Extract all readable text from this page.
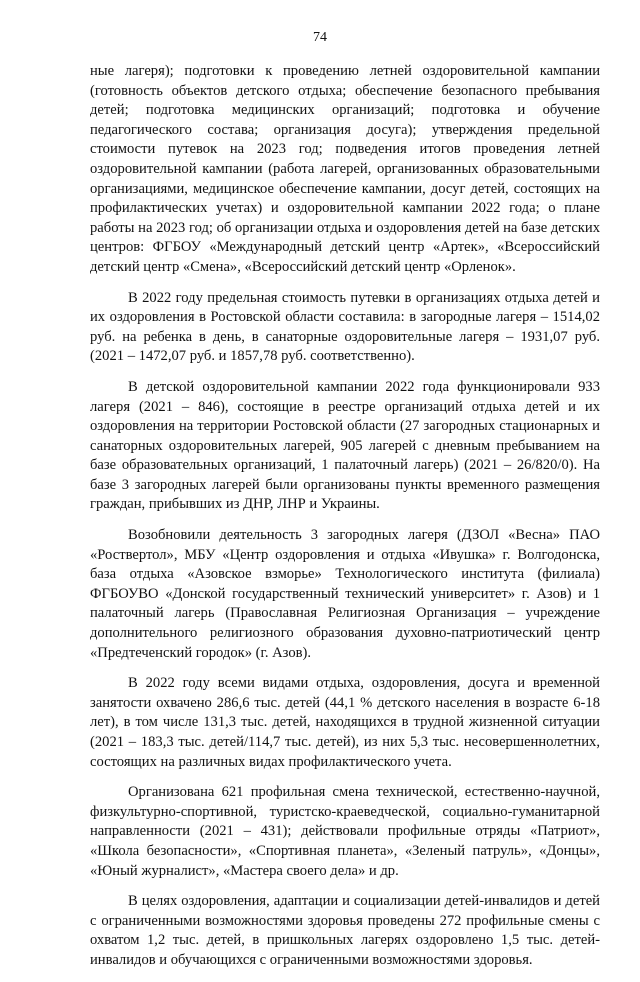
74

ные лагеря); подготовки к проведению летней оздоровительной кампании (готовность объектов детского отдыха; обеспечение безопасного пребывания детей; подготовка медицинских организаций; подготовка и обучение педагогического состава; организация досуга); утверждения предельной стоимости путевок на 2023 год; подведения итогов проведения летней оздоровительной кампании (работа лагерей, организованных образовательными организациями, медицинское обеспечение кампании, досуг детей, состоящих на профилактических учетах) и оздоровительной кампании 2022 года; о плане работы на 2023 год; об организации отдыха и оздоровления детей на базе детских центров: ФГБОУ «Международный детский центр «Артек», «Всероссийский детский центр «Смена», «Всероссийский детский центр «Орленок».

В 2022 году предельная стоимость путевки в организациях отдыха детей и их оздоровления в Ростовской области составила: в загородные лагеря – 1514,02 руб. на ребенка в день, в санаторные оздоровительные лагеря – 1931,07 руб. (2021 – 1472,07 руб. и 1857,78 руб. соответственно).

В детской оздоровительной кампании 2022 года функционировали 933 лагеря (2021 – 846), состоящие в реестре организаций отдыха детей и их оздоровления на территории Ростовской области (27 загородных стационарных и санаторных оздоровительных лагерей, 905 лагерей с дневным пребыванием на базе образовательных организаций, 1 палаточный лагерь) (2021 – 26/820/0). На базе 3 загородных лагерей были организованы пункты временного размещения граждан, прибывших из ДНР, ЛНР и Украины.

Возобновили деятельность 3 загородных лагеря (ДЗОЛ «Весна» ПАО «Роствертол», МБУ «Центр оздоровления и отдыха «Ивушка» г. Волгодонска, база отдыха «Азовское взморье» Технологического института (филиала) ФГБОУВО «Донской государственный технический университет» г. Азов) и 1 палаточный лагерь (Православная Религиозная Организация – учреждение дополнительного религиозного образования духовно-патриотический центр «Предтеченский городок» (г. Азов).

В 2022 году всеми видами отдыха, оздоровления, досуга и временной занятости охвачено 286,6 тыс. детей (44,1 % детского населения в возрасте 6-18 лет), в том числе 131,3 тыс. детей, находящихся в трудной жизненной ситуации (2021 – 183,3 тыс. детей/114,7 тыс. детей), из них 5,3 тыс. несовершеннолетних, состоящих на различных видах профилактического учета.

Организована 621 профильная смена технической, естественно-научной, физкультурно-спортивной, туристско-краеведческой, социально-гуманитарной направленности (2021 – 431); действовали профильные отряды «Патриот», «Школа безопасности», «Спортивная планета», «Зеленый патруль», «Донцы», «Юный журналист», «Мастера своего дела» и др.

В целях оздоровления, адаптации и социализации детей-инвалидов и детей с ограниченными возможностями здоровья проведены 272 профильные смены с охватом 1,2 тыс. детей, в пришкольных лагерях оздоровлено 1,5 тыс. детей-инвалидов и обучающихся с ограниченными возможностями здоровья.
